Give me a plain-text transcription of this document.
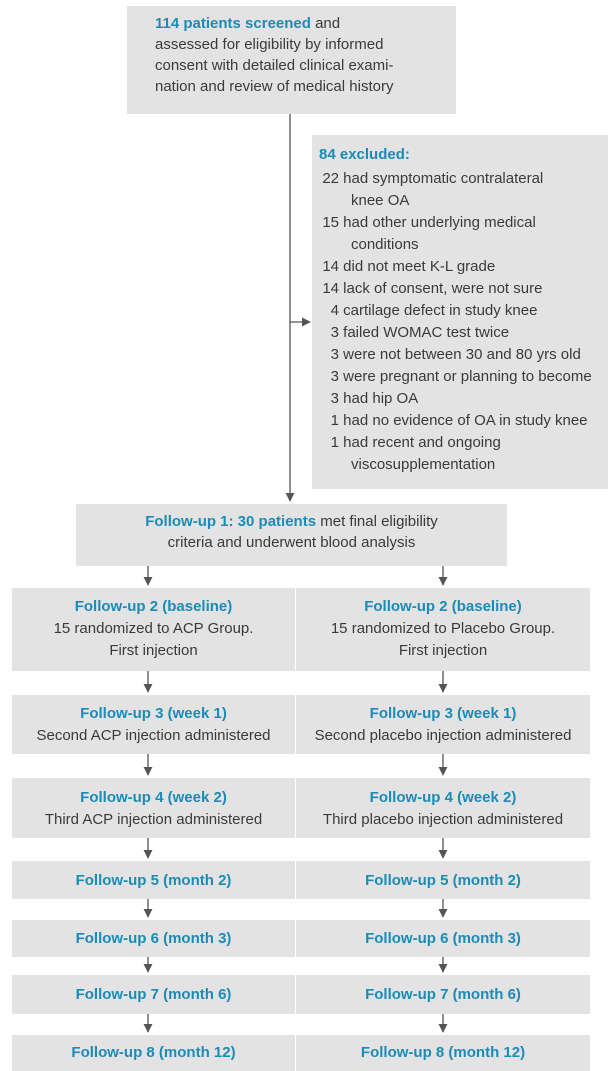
114 patients screened and
assessed for eligibility by informed
consent with detailed clinical exami-
nation and review of medical history
84 excluded:
22 had symptomatic contralateral
knee OA
15 had other underlying medical
conditions
14 did not meet K-L grade
14 lack of consent, were not sure
4 cartilage defect in study knee
3 failed WOMAC test twice
3 were not between 30 and 80 yrs old
3 were pregnant or planning to become
3 had hip OA
1 had no evidence of OA in study knee
1 had recent and ongoing
viscosupplementation
Follow-up 1: 30 patients met final eligibility
criteria and underwent blood analysis
Follow-up 2 (baseline)
15 randomized to ACP Group.
First injection
Follow-up 3 (week 1)
Second ACP injection administered
Follow-up 4 (week 2)
Third ACP injection administered
Follow-up 5 (month 2)
Follow-up 6 (month 3)
Follow-up 7 (month 6)
Follow-up 8 (month 12)
Follow-up 2 (baseline)
15 randomized to Placebo Group.
First injection
Follow-up 3 (week 1)
Second placebo injection administered
Follow-up 4 (week 2)
Third placebo injection administered
Follow-up 5 (month 2)
Follow-up 6 (month 3)
Follow-up 7 (month 6)
Follow-up 8 (month 12)
